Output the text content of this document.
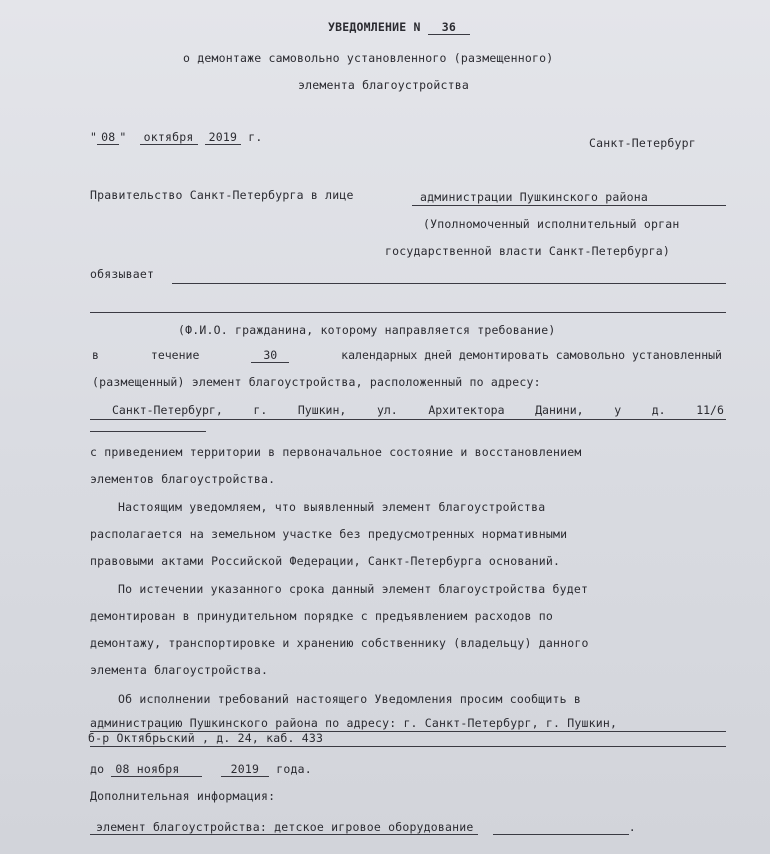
УВЕДОМЛЕНИЕ N 36
о демонтаже самовольно установленного (размещенного)
элемента благоустройства
" 08 " октября 2019 г.	Санкт-Петербург
Правительство Санкт-Петербурга в лице	администрации Пушкинского района
(Уполномоченный исполнительный орган
государственной власти Санкт-Петербурга)
обязывает
(Ф.И.О. гражданина, которому направляется требование)
в	течение	30	календарных дней демонтировать самовольно установленный
(размещенный) элемент благоустройства, расположенный по адресу:
Санкт-Петербург,	г.	Пушкин,	ул.	Архитектора	Данини,	у	д.	11/6
с приведением территории в первоначальное состояние и восстановлением
элементов благоустройства.
Настоящим уведомляем, что выявленный элемент благоустройства
располагается на земельном участке без предусмотренных нормативными
правовыми актами Российской Федерации, Санкт-Петербурга оснований.
По истечении указанного срока данный элемент благоустройства будет
демонтирован в принудительном порядке с предъявлением расходов по
демонтажу, транспортировке и хранению собственнику (владельцу) данного
элемента благоустройства.
Об исполнении требований настоящего Уведомления просим сообщить в
администрацию Пушкинского района по адресу: г. Санкт-Петербург, г. Пушкин,
б-р Октябрьский , д. 24, каб. 433
до 08 ноября	2019 года.
Дополнительная информация:
элемент благоустройства: детское игровое оборудование	.
